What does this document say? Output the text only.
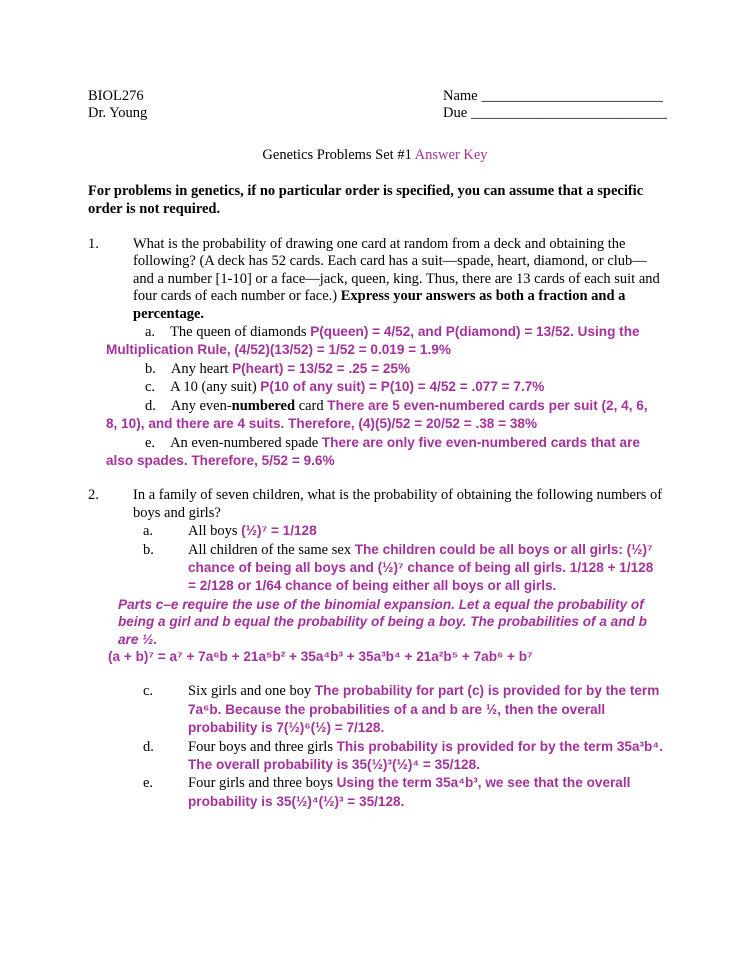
BIOL276
Dr. Young
Name _________________________
Due ___________________________
Genetics Problems Set #1 Answer Key

For problems in genetics, if no particular order is specified, you can assume that a specific order is not required.

1. What is the probability of drawing one card at random from a deck and obtaining the following? (A deck has 52 cards. Each card has a suit—spade, heart, diamond, or club—and a number [1-10] or a face—jack, queen, king. Thus, there are 13 cards of each suit and four cards of each number or face.) Express your answers as both a fraction and a percentage.

a. The queen of diamonds P(queen) = 4/52, and P(diamond) = 13/52. Using the Multiplication Rule, (4/52)(13/52) = 1/52 = 0.019 = 1.9%

b. Any heart P(heart) = 13/52 = .25 = 25%

c. A 10 (any suit) P(10 of any suit) = P(10) = 4/52 = .077 = 7.7%

d. Any even-numbered card There are 5 even-numbered cards per suit (2, 4, 6, 8, 10), and there are 4 suits. Therefore, (4)(5)/52 = 20/52 = .38 = 38%

e. An even-numbered spade There are only five even-numbered cards that are also spades. Therefore, 5/52 = 9.6%

2. In a family of seven children, what is the probability of obtaining the following numbers of boys and girls?

a. All boys (½)⁷ = 1/128

b. All children of the same sex The children could be all boys or all girls: (½)⁷ chance of being all boys and (½)⁷ chance of being all girls. 1/128 + 1/128 = 2/128 or 1/64 chance of being either all boys or all girls.

Parts c–e require the use of the binomial expansion. Let a equal the probability of being a girl and b equal the probability of being a boy. The probabilities of a and b are ½.
(a + b)⁷ = a⁷ + 7a⁶b + 21a⁵b² + 35a⁴b³ + 35a³b⁴ + 21a²b⁵ + 7ab⁶ + b⁷

c. Six girls and one boy The probability for part (c) is provided for by the term 7a⁶b. Because the probabilities of a and b are ½, then the overall probability is 7(½)⁶(½) = 7/128.

d. Four boys and three girls This probability is provided for by the term 35a³b⁴. The overall probability is 35(½)³(½)⁴ = 35/128.

e. Four girls and three boys Using the term 35a⁴b³, we see that the overall probability is 35(½)⁴(½)³ = 35/128.
